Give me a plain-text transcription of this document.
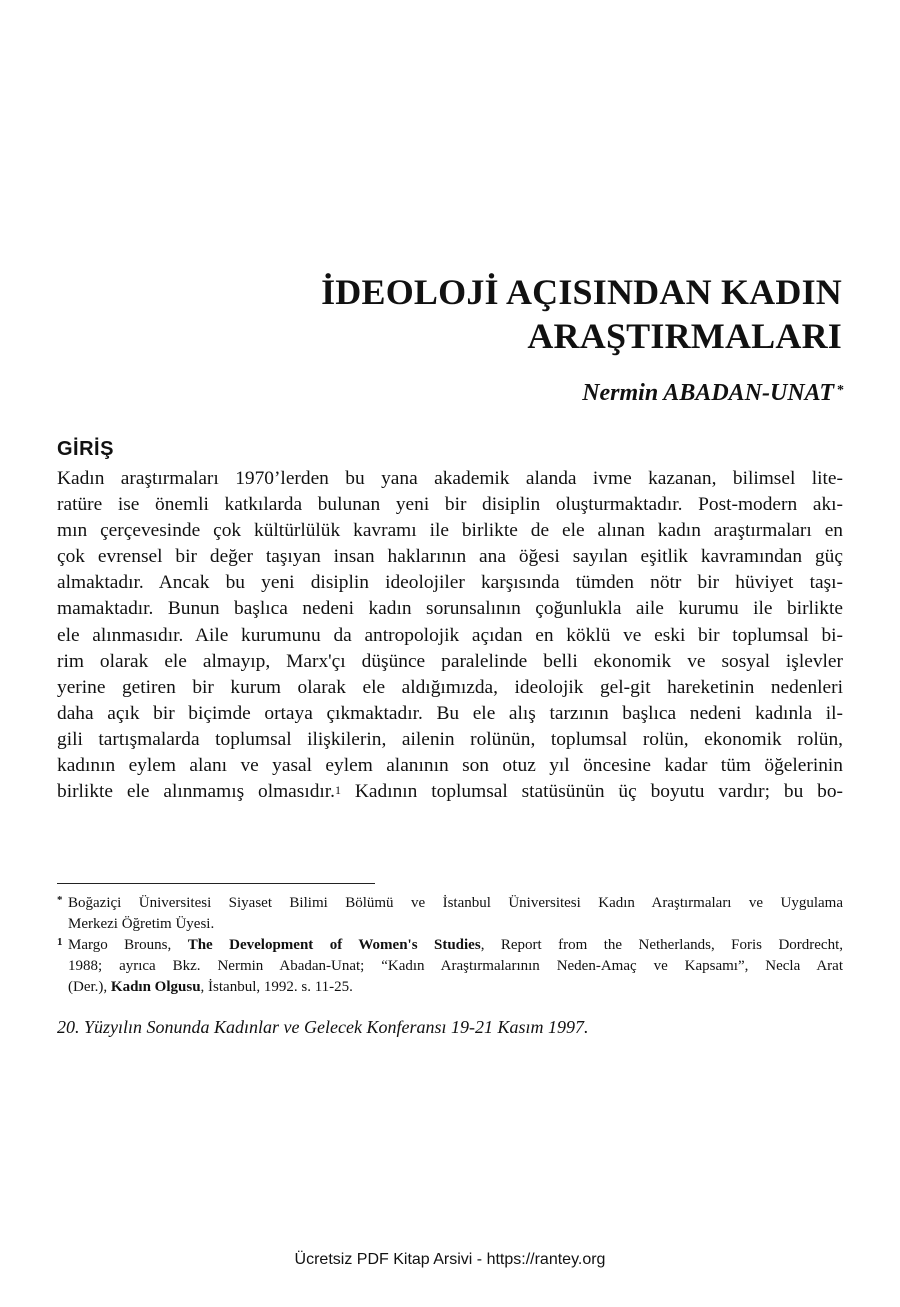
İDEOLOJİ AÇISINDAN KADIN
ARAŞTIRMALARI
Nermin ABADAN-UNAT *
GİRİŞ
Kadın araştırmaları 1970’lerden bu yana akademik alanda ivme kazanan, bilimsel lite-
ratüre ise önemli katkılarda bulunan yeni bir disiplin oluşturmaktadır. Post-modern akı-
mın çerçevesinde çok kültürlülük kavramı ile birlikte de ele alınan kadın araştırmaları en
çok evrensel bir değer taşıyan insan haklarının ana öğesi sayılan eşitlik kavramından güç
almaktadır. Ancak bu yeni disiplin ideolojiler karşısında tümden nötr bir hüviyet taşı-
mamaktadır. Bunun başlıca nedeni kadın sorunsalının çoğunlukla aile kurumu ile birlikte
ele alınmasıdır. Aile kurumunu da antropolojik açıdan en köklü ve eski bir toplumsal bi-
rim olarak ele almayıp, Marx'çı düşünce paralelinde belli ekonomik ve sosyal işlevler
yerine getiren bir kurum olarak ele aldığımızda, ideolojik gel-git hareketinin nedenleri
daha açık bir biçimde ortaya çıkmaktadır. Bu ele alış tarzının başlıca nedeni kadınla il-
gili tartışmalarda toplumsal ilişkilerin, ailenin rolünün, toplumsal rolün, ekonomik rolün,
kadının eylem alanı ve yasal eylem alanının son otuz yıl öncesine kadar tüm öğelerinin
birlikte ele alınmamış olmasıdır.$^1$ Kadının toplumsal statüsünün üç boyutu vardır; bu bo-
* Boğaziçi Üniversitesi Siyaset Bilimi Bölümü ve İstanbul Üniversitesi Kadın Araştırmaları ve Uygulama
Merkezi Öğretim Üyesi.
1 Margo Brouns, The Development of Women's Studies, Report from the Netherlands, Foris Dordrecht,
1988; ayrıca Bkz. Nermin Abadan-Unat; “Kadın Araştırmalarının Neden-Amaç ve Kapsamı”, Necla Arat
(Der.), Kadın Olgusu, İstanbul, 1992. s. 11-25.
20. Yüzyılın Sonunda Kadınlar ve Gelecek Konferansı 19-21 Kasım 1997.
Ücretsiz PDF Kitap Arsivi - https://rantey.org
